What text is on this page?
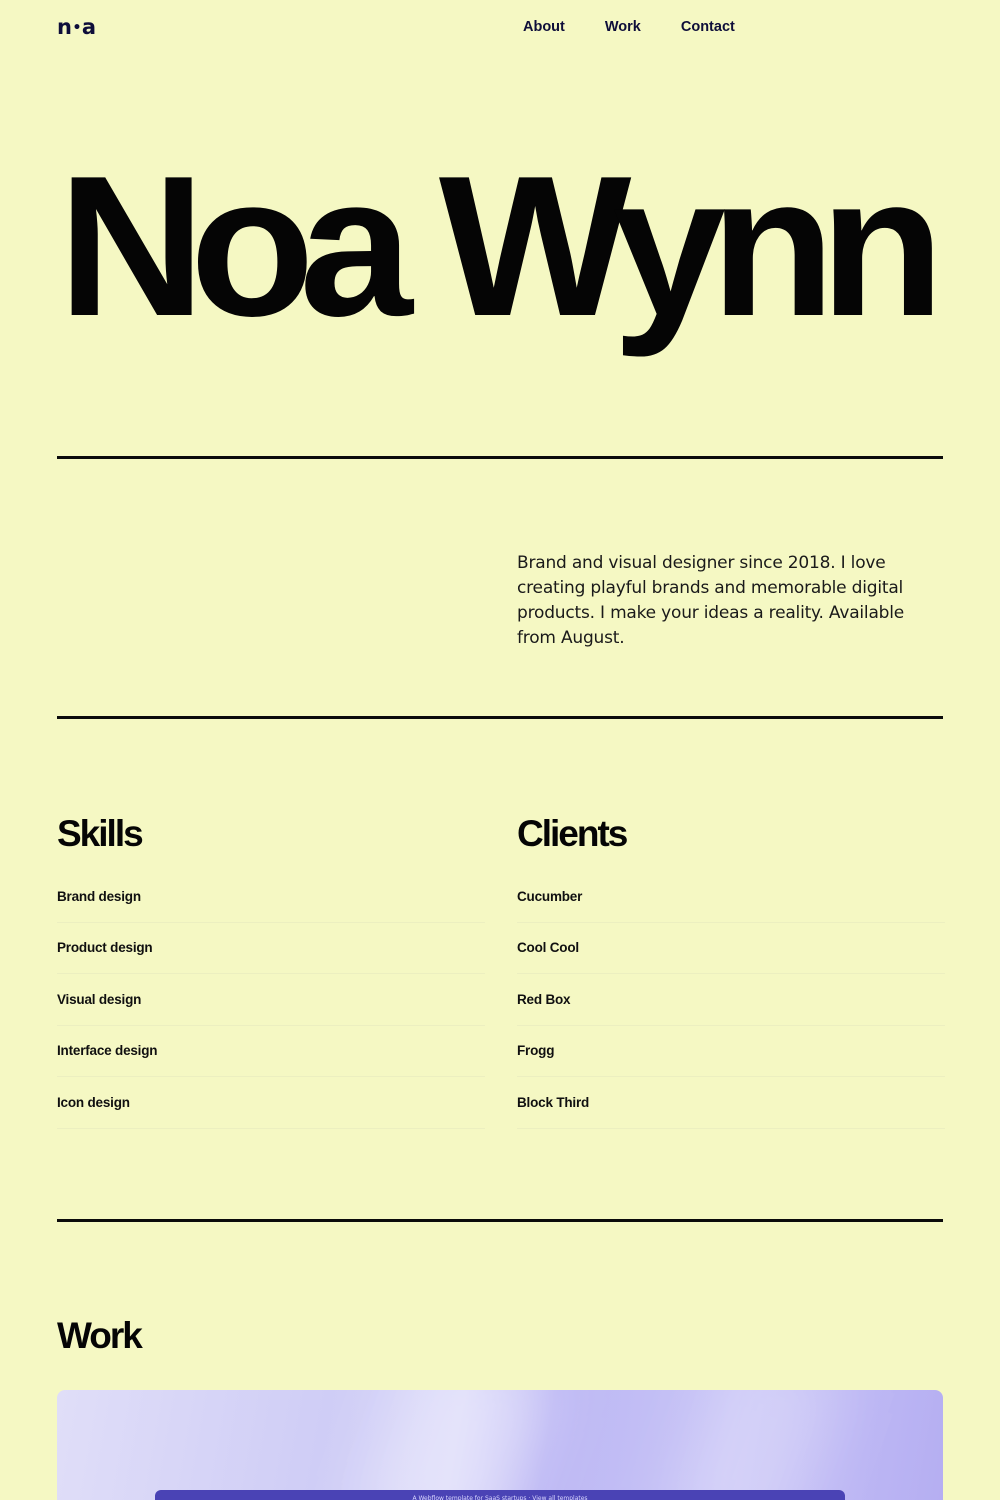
n•a	About	Work	Contact
Noa Wynn

Brand and visual designer since 2018. I love creating playful brands and memorable digital products. I make your ideas a reality. Available from August.

Skills
Brand design
Product design
Visual design
Interface design
Icon design
Clients
Cucumber
Cool Cool
Red Box
Frogg
Block Third
Work
A Webflow template for SaaS startups · View all templates
